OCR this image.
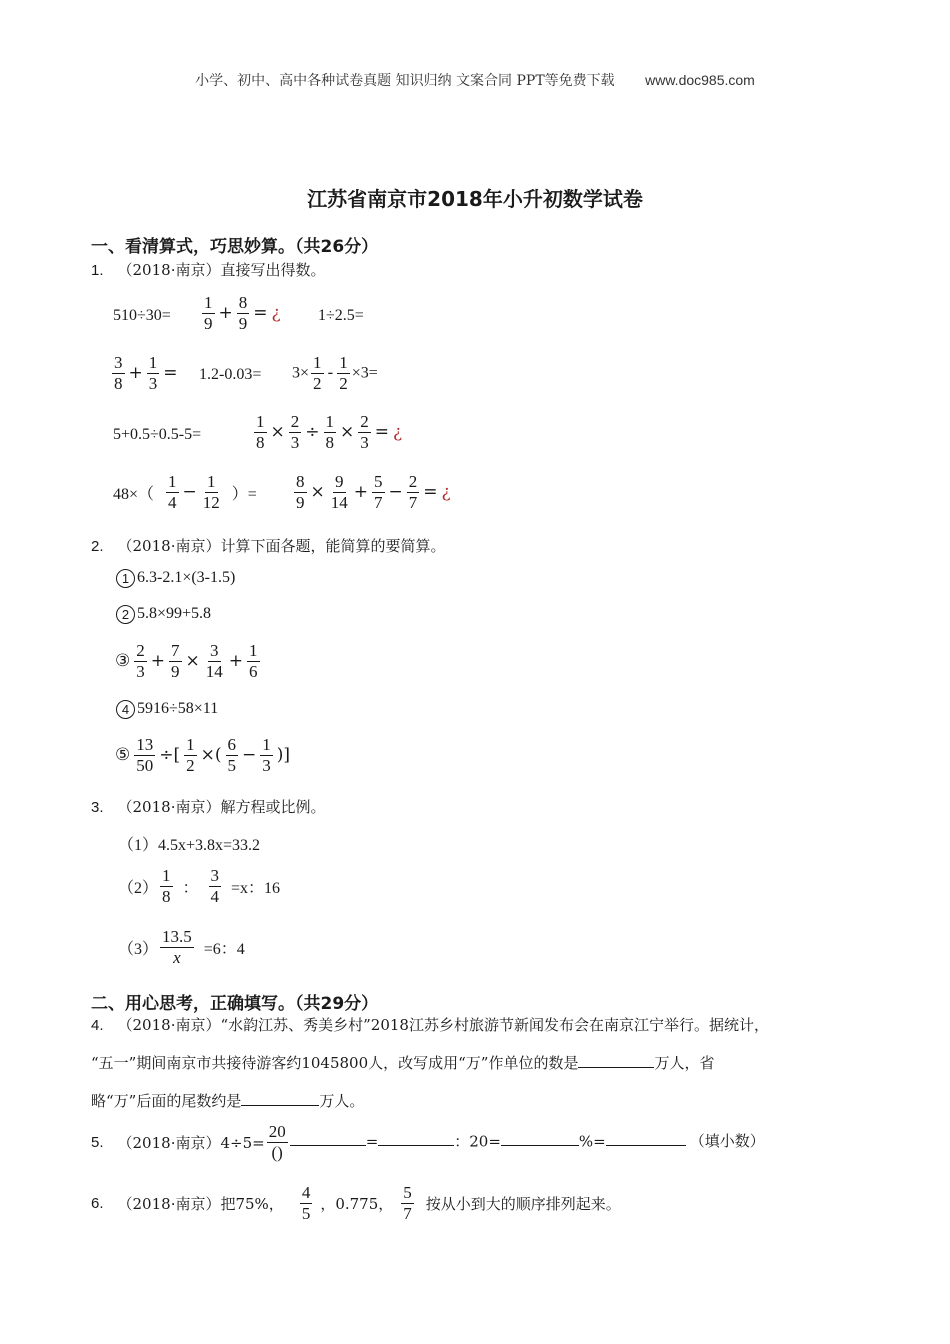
小学、初中、高中各种试卷真题 知识归纳 文案合同 PPT等免费下载 www.doc985.com
江苏省南京市2018年小升初数学试卷
一、看清算式，巧思妙算。（共26分）
1. （2018·南京）直接写出得数。
$510\div 30= \frac{1}{9} + \frac{8}{9}$ = ¿ 1÷2.5=
$\frac{3}{8} + \frac{1}{3} = 1.2-0.03= 3\times \frac{1}{2} - \frac{1}{2} \times 3=$
5+0.5÷0.5-5=	$\frac{1}{8} \times \frac{2}{3} \div \frac{1}{8} \times \frac{2}{3}$ = ¿
$48\times( \frac{1}{4} - \frac{1}{12}$ ）= $\frac{8}{9} \times \frac{9}{14} + \frac{5}{7} - \frac{2}{7}$ = ¿
2. （2018·南京）计算下面各题，能简算的要简算。
1 6.3-2.1×(3-1.5)
2 5.8×99+5.8
③ $\frac{2}{3} + \frac{7}{9} \times \frac{3}{14} + \frac{1}{6}$
4 5916÷58×11
⑤ $\frac{13}{50}$ ÷[ $\frac{1}{2}$ ×( $\frac{6}{5} - \frac{1}{3}$ )]
3. （2018·南京）解方程或比例。
（1）4.5x+3.8x=33.2
$(2) \frac{1}{8}$ ： $\frac{3}{4} =x$：16
$(3) \frac{13.5}{x} =6$：4
二、用心思考，正确填写。（共29分）
4. （2018·南京）“水韵江苏、秀美乡村”2018江苏乡村旅游节新闻发布会在南京江宁举行。据统计，
“五一”期间南京市共接待游客约1045800人，改写成用“万”作单位的数是	万人，省
略“万”后面的尾数约是	万人。
5. （2018·南京）$4\div 5= \frac{20}{()}$	=	：20=	%=	（填小数）
6. （2018·南京）把75%， $\frac{4}{5}$ ，0.775， $\frac{5}{7}$ 按从小到大的顺序排列起来。
